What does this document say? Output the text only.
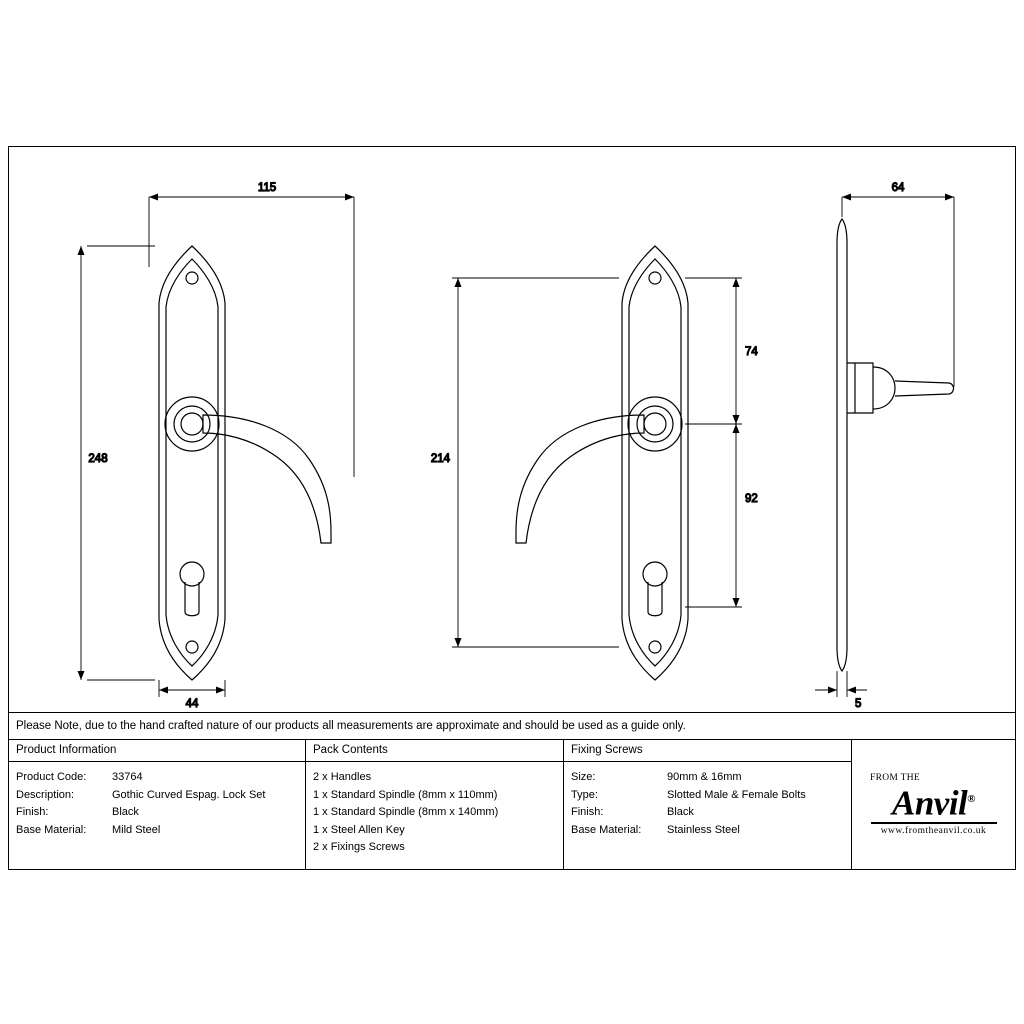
248
115
44
214
74
92
64
5
Please Note, due to the hand crafted nature of our products all measurements are approximate and should be used as a guide only.
Product Information
Product Code:	33764
Description:	Gothic Curved Espag. Lock Set
Finish:	Black
Base Material:	Mild Steel
Pack Contents
2 x Handles
1 x Standard Spindle (8mm x 110mm)
1 x Standard Spindle (8mm x 140mm)
1 x Steel Allen Key
2 x Fixings Screws
Fixing Screws
Size:	90mm & 16mm
Type:	Slotted Male & Female Bolts
Finish:	Black
Base Material:	Stainless Steel
FROM THE
Anvil®
www.fromtheanvil.co.uk
